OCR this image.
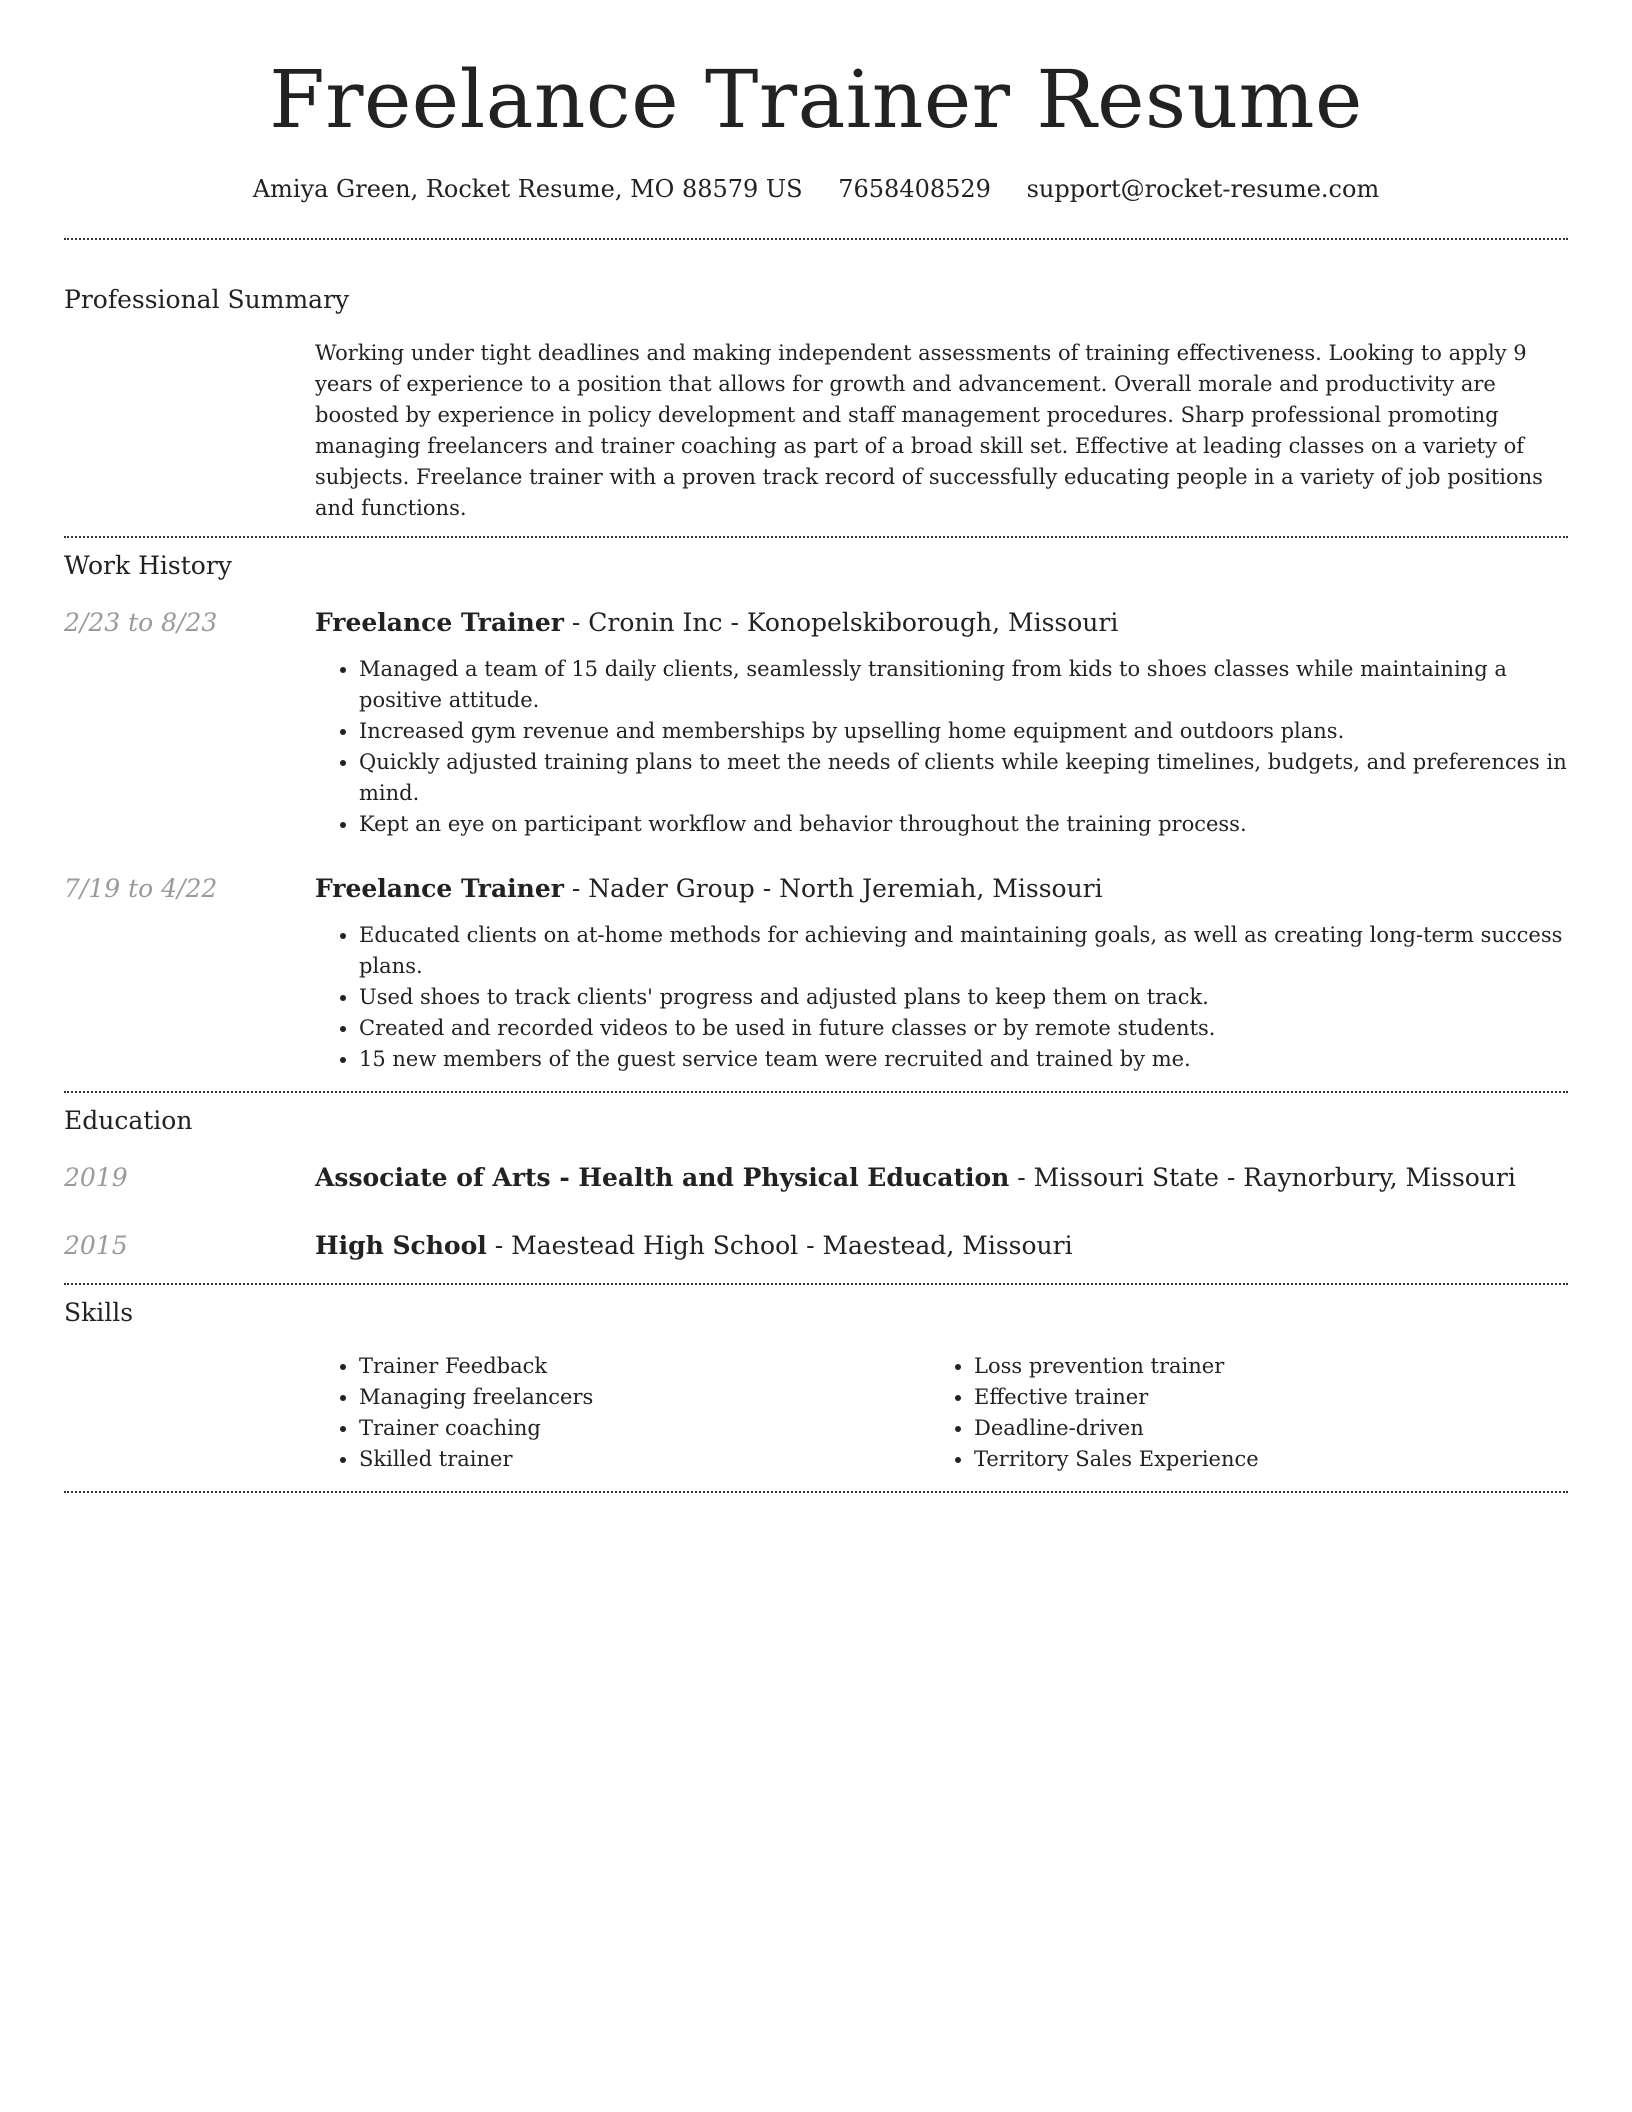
Freelance Trainer Resume
Amiya Green, Rocket Resume, MO 88579 US 7658408529 support@rocket-resume.com
Professional Summary

Working under tight deadlines and making independent assessments of training effectiveness. Looking to apply 9 years of experience to a position that allows for growth and advancement. Overall morale and productivity are boosted by experience in policy development and staff management procedures. Sharp professional promoting managing freelancers and trainer coaching as part of a broad skill set. Effective at leading classes on a variety of subjects. Freelance trainer with a proven track record of successfully educating people in a variety of job positions and functions.

Work History
2/23 to 8/23	Freelance Trainer - Cronin Inc - Konopelskiborough, Missouri
• Managed a team of 15 daily clients, seamlessly transitioning from kids to shoes classes while maintaining a positive attitude.
• Increased gym revenue and memberships by upselling home equipment and outdoors plans.
• Quickly adjusted training plans to meet the needs of clients while keeping timelines, budgets, and preferences in mind.
• Kept an eye on participant workflow and behavior throughout the training process.
7/19 to 4/22	Freelance Trainer - Nader Group - North Jeremiah, Missouri
• Educated clients on at-home methods for achieving and maintaining goals, as well as creating long-term success plans.
• Used shoes to track clients' progress and adjusted plans to keep them on track.
• Created and recorded videos to be used in future classes or by remote students.
• 15 new members of the guest service team were recruited and trained by me.
Education
2019	Associate of Arts - Health and Physical Education - Missouri State - Raynorbury, Missouri
2015	High School - Maestead High School - Maestead, Missouri
Skills
• Trainer Feedback
• Managing freelancers
• Trainer coaching
• Skilled trainer
• Loss prevention trainer
• Effective trainer
• Deadline-driven
• Territory Sales Experience
